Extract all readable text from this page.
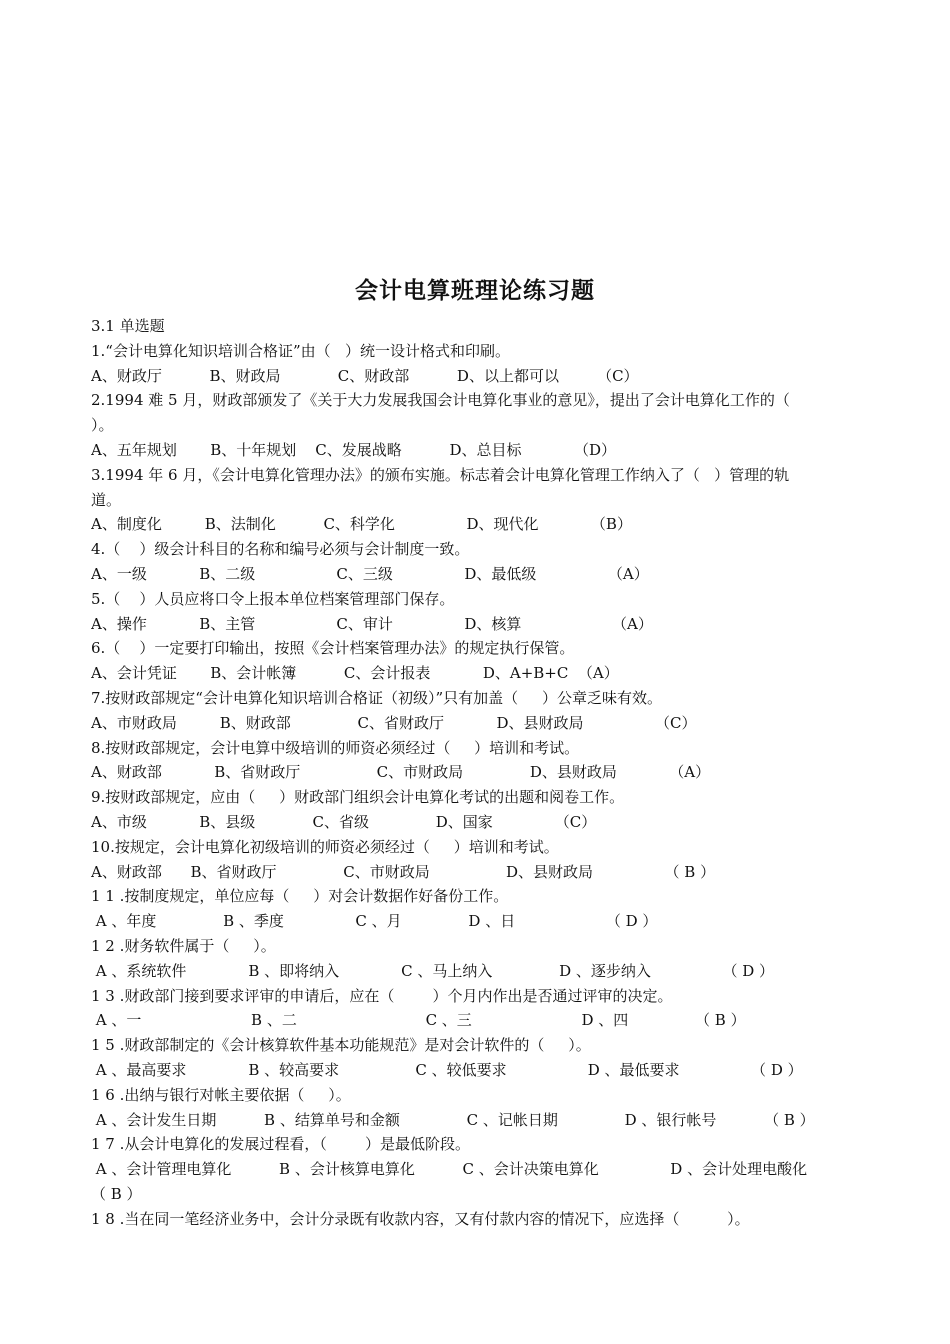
会计电算班理论练习题
3.1 单选题
1.“会计电算化知识培训合格证”由（   ）统一设计格式和印刷。
A、财政厅          B、财政局            C、财政部          D、以上都可以        （C）
2.1994 难 5 月，财政部颁发了《关于大力发展我国会计电算化事业的意见》，提出了会计电算化工作的（
）。
A、五年规划       B、十年规划    C、发展战略          D、总目标           （D）
3.1994 年 6 月，《会计电算化管理办法》的颁布实施。标志着会计电算化管理工作纳入了（   ）管理的轨
道。
A、制度化         B、法制化          C、科学化               D、现代化           （B）
4.（    ）级会计科目的名称和编号必须与会计制度一致。
A、一级           B、二级                 C、三级               D、最低级               （A）
5.（    ）人员应将口令上报本单位档案管理部门保存。
A、操作           B、主管                 C、审计               D、核算                   （A）
6.（    ）一定要打印输出，按照《会计档案管理办法》的规定执行保管。
A、会计凭证       B、会计帐簿          C、会计报表           D、A+B+C  （A）
7.按财政部规定“会计电算化知识培训合格证（初级）”只有加盖（     ）公章乏味有效。
A、市财政局         B、财政部              C、省财政厅           D、县财政局               （C）
8.按财政部规定，会计电算中级培训的师资必须经过（     ）培训和考试。
A、财政部           B、省财政厅                C、市财政局              D、县财政局           （A）
9.按财政部规定，应由（     ）财政部门组织会计电算化考试的出题和阅卷工作。
A、市级           B、县级            C、省级              D、国家             （C）
10.按规定，会计电算化初级培训的师资必须经过（     ）培训和考试。
A、财政部      B、省财政厅              C、市财政局                D、县财政局               （ B ）
1 1 .按制度规定，单位应每（     ）对会计数据作好备份工作。
A 、年度              B 、季度               C 、月              D 、日                   （ D ）
1 2 .财务软件属于（     ）。
A 、系统软件             B 、即将纳入             C 、马上纳入              D 、逐步纳入               （ D ）
1 3 .财政部门接到要求评审的申请后，应在（        ）个月内作出是否通过评审的决定。
A 、一                       B 、二                           C 、三                       D 、四              （ B ）
1 5 .财政部制定的《会计核算软件基本功能规范》是对会计软件的（     ）。
A 、最高要求             B 、较高要求                C 、较低要求                 D 、最低要求               （ D ）
1 6 .出纳与银行对帐主要依据（     ）。
A 、会计发生日期          B 、结算单号和金额              C 、记帐日期              D 、银行帐号          （ B ）
1 7 .从会计电算化的发展过程看，（        ）是最低阶段。
A 、会计管理电算化          B 、会计核算电算化          C 、会计决策电算化               D 、会计处理电酸化
（ B ）
1 8 .当在同一笔经济业务中，会计分录既有收款内容，又有付款内容的情况下，应选择（          ）。
